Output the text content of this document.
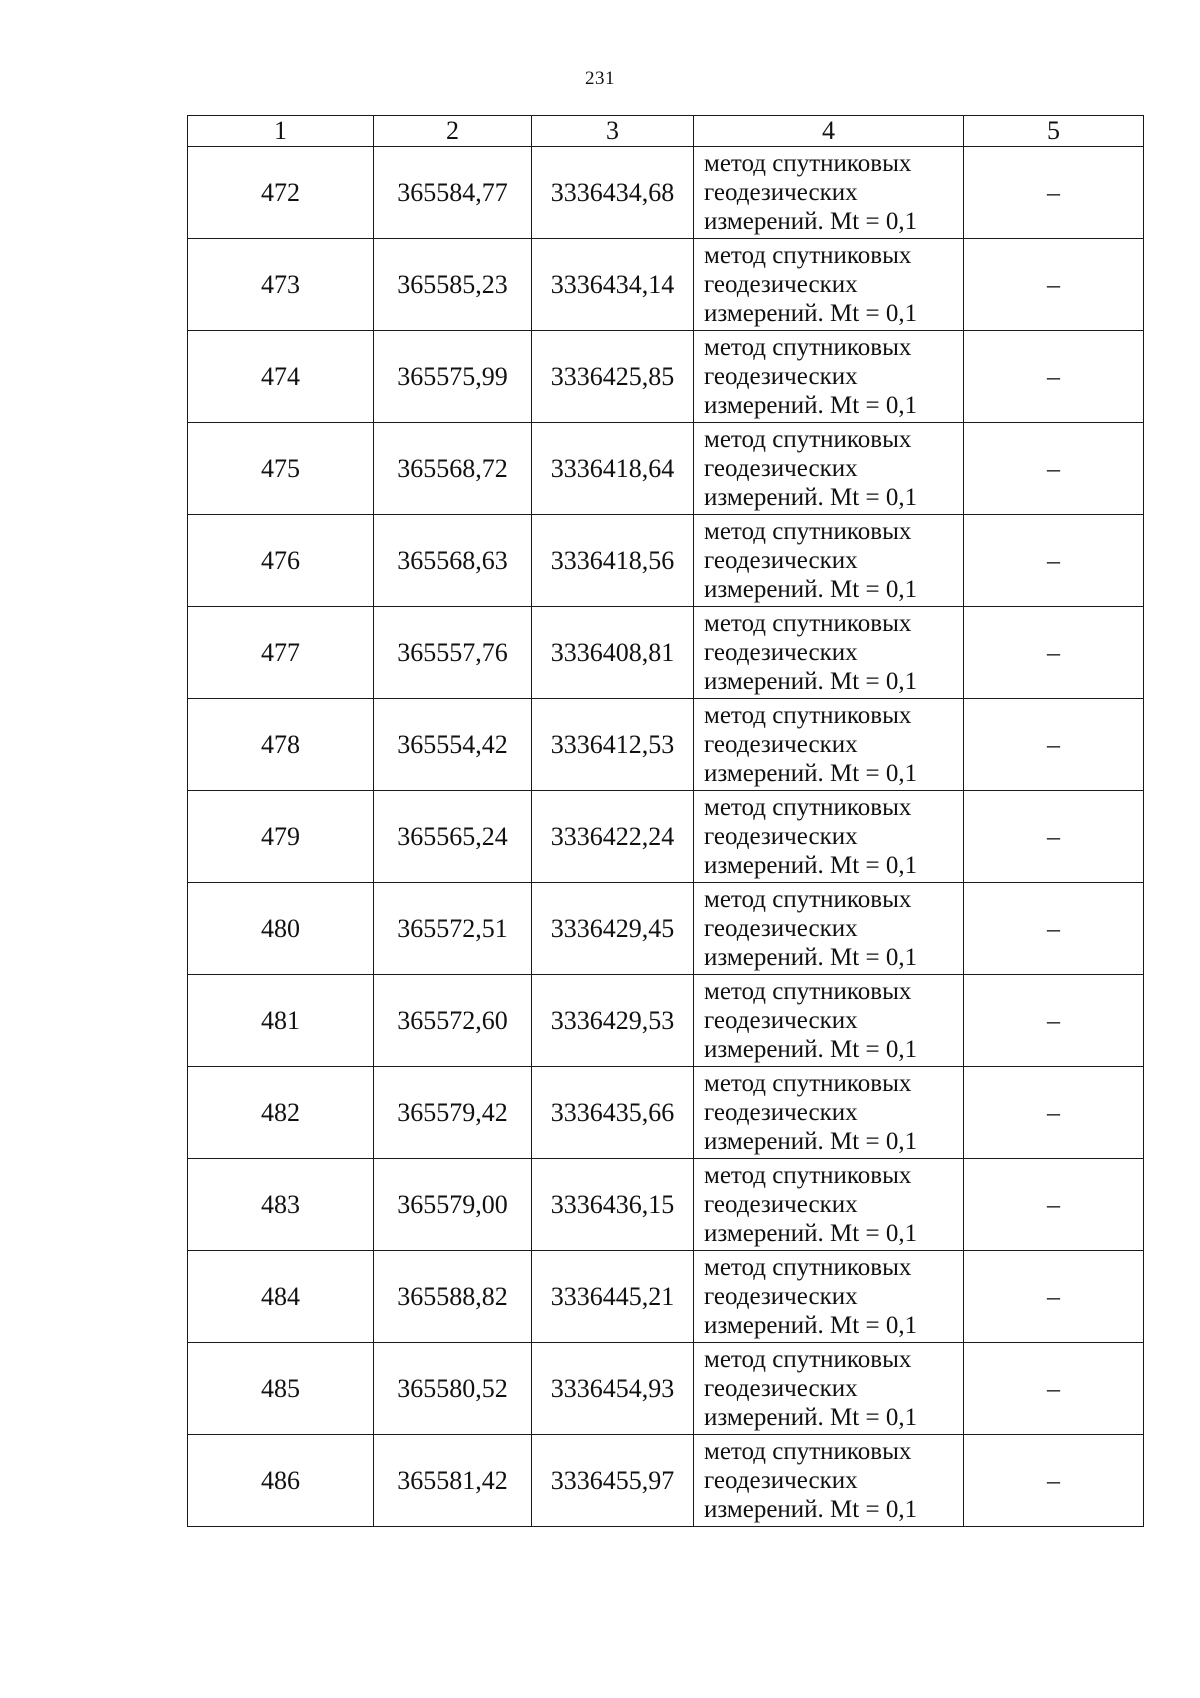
231
1	2	3	4	5
472	365584,77	3336434,68	метод спутниковых
геодезических
измерений. Mt = 0,1	–
473	365585,23	3336434,14	метод спутниковых
геодезических
измерений. Mt = 0,1	–
474	365575,99	3336425,85	метод спутниковых
геодезических
измерений. Mt = 0,1	–
475	365568,72	3336418,64	метод спутниковых
геодезических
измерений. Mt = 0,1	–
476	365568,63	3336418,56	метод спутниковых
геодезических
измерений. Mt = 0,1	–
477	365557,76	3336408,81	метод спутниковых
геодезических
измерений. Mt = 0,1	–
478	365554,42	3336412,53	метод спутниковых
геодезических
измерений. Mt = 0,1	–
479	365565,24	3336422,24	метод спутниковых
геодезических
измерений. Mt = 0,1	–
480	365572,51	3336429,45	метод спутниковых
геодезических
измерений. Mt = 0,1	–
481	365572,60	3336429,53	метод спутниковых
геодезических
измерений. Mt = 0,1	–
482	365579,42	3336435,66	метод спутниковых
геодезических
измерений. Mt = 0,1	–
483	365579,00	3336436,15	метод спутниковых
геодезических
измерений. Mt = 0,1	–
484	365588,82	3336445,21	метод спутниковых
геодезических
измерений. Mt = 0,1	–
485	365580,52	3336454,93	метод спутниковых
геодезических
измерений. Mt = 0,1	–
486	365581,42	3336455,97	метод спутниковых
геодезических
измерений. Mt = 0,1	–
